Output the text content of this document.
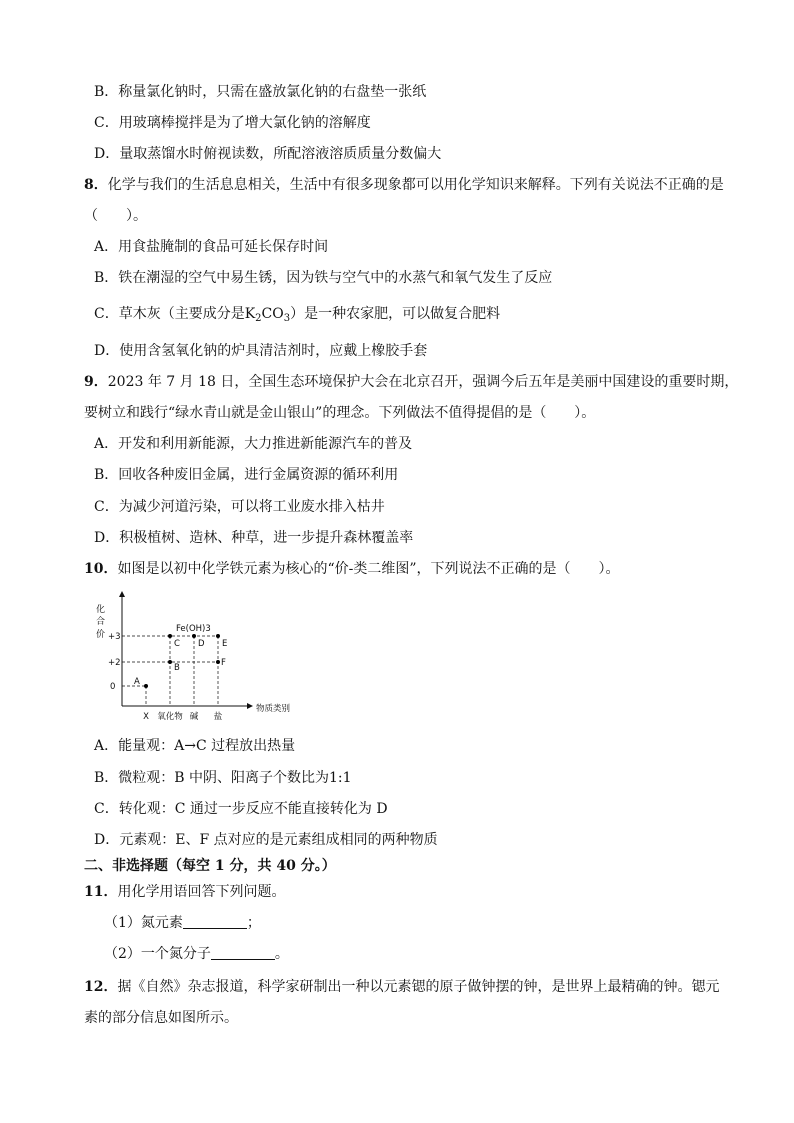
B．称量氯化钠时，只需在盛放氯化钠的右盘垫一张纸
C．用玻璃棒搅拌是为了增大氯化钠的溶解度
D．量取蒸馏水时俯视读数，所配溶液溶质质量分数偏大
8．化学与我们的生活息息相关，生活中有很多现象都可以用化学知识来解释。下列有关说法不正确的是
（　　）。
A．用食盐腌制的食品可延长保存时间
B．铁在潮湿的空气中易生锈，因为铁与空气中的水蒸气和氧气发生了反应
C．草木灰（主要成分是$K_2CO_3$）是一种农家肥，可以做复合肥料
D．使用含氢氧化钠的炉具清洁剂时，应戴上橡胶手套
9．2023 年 7 月 18 日，全国生态环境保护大会在北京召开，强调今后五年是美丽中国建设的重要时期，
要树立和践行“绿水青山就是金山银山”的理念。下列做法不值得提倡的是（　　）。
A．开发和利用新能源，大力推进新能源汽车的普及
B．回收各种废旧金属，进行金属资源的循环利用
C．为减少河道污染，可以将工业废水排入枯井
D．积极植树、造林、种草，进一步提升森林覆盖率
10．如图是以初中化学铁元素为核心的“价-类二维图”，下列说法不正确的是（　　）。
化
合
价 +3
+2
0
X 氧化物 碱 盐
A
B
C D E
F
Fe(OH)3
物质类别
A．能量观：A→C 过程放出热量
B．微粒观：B 中阴、阳离子个数比为1:1
C．转化观：C 通过一步反应不能直接转化为 D
D．元素观：E、F 点对应的是元素组成相同的两种物质
二、非选择题（每空 1 分，共 40 分。）
11．用化学用语回答下列问题。
（1）氮元素	；
（2）一个氮分子	。
12．据《自然》杂志报道，科学家研制出一种以元素锶的原子做钟摆的钟，是世界上最精确的钟。锶元
素的部分信息如图所示。
